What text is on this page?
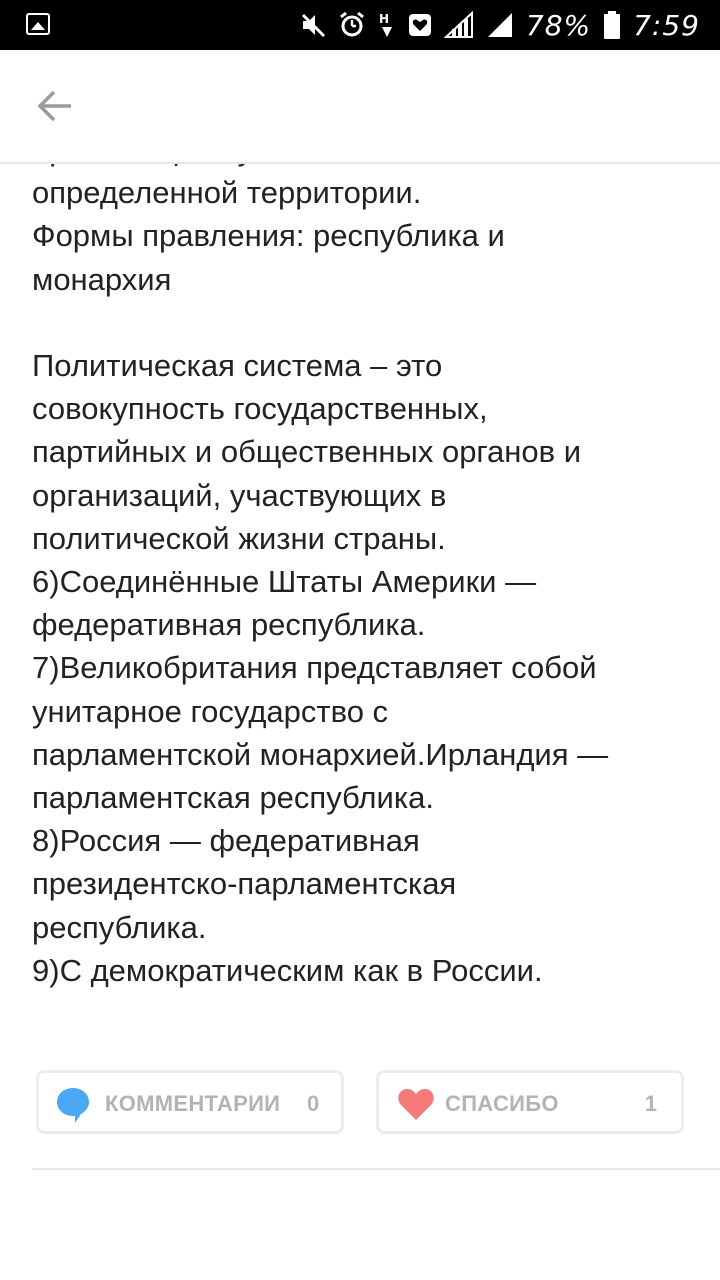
H	78% 7:59
определенной территории.
Формы правления: республика и
монархия
Политическая система – это
совокупность государственных,
партийных и общественных органов и
организаций, участвующих в
политической жизни страны.
6)Соединённые Штаты Америки —
федеративная республика.
7)Великобритания представляет собой
унитарное государство с
парламентской монархией.Ирландия —
парламентская республика.
8)Россия — федеративная
президентско-парламентская
республика.
9)С демократическим как в России.
КОММЕНТАРИИ 0	СПАСИБО	1
